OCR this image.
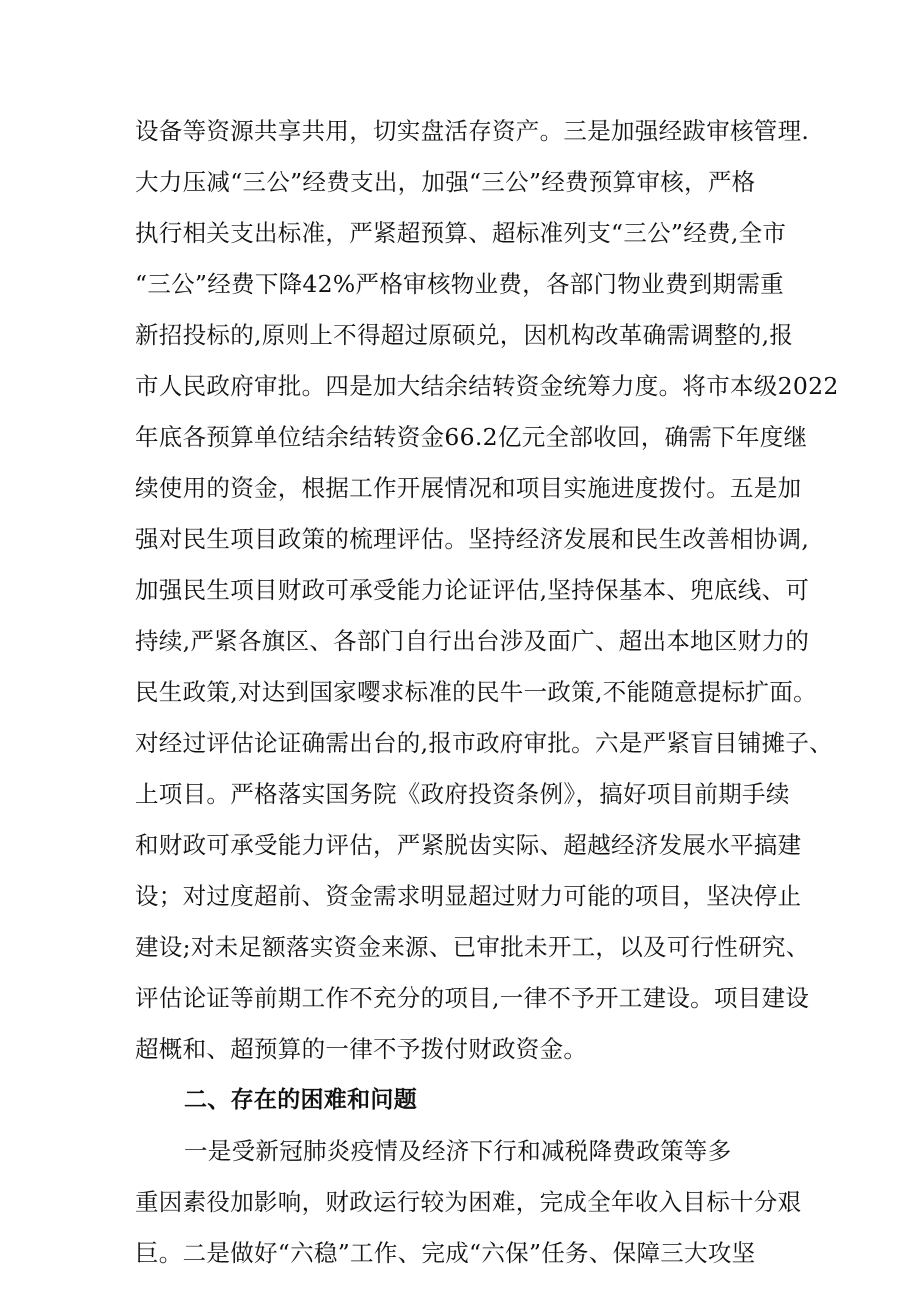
设备等资源共享共用，切实盘活存资产。三是加强经跋审核管理.
大力压减“三公”经费支出，加强“三公”经费预算审核，严格
执行相关支出标准，严紧超预算、超标准列支“三公”经费,全市
“三公”经费下降42%严格审核物业费，各部门物业费到期需重
新招投标的,原则上不得超过原硕兑，因机构改革确需调整的,报
市人民政府审批。四是加大结余结转资金统筹力度。将市本级2022
年底各预算单位结余结转资金66.2亿元全部收回，确需下年度继
续使用的资金，根据工作开展情况和项目实施进度拨付。五是加
强对民生项目政策的梳理评估。坚持经济发展和民生改善相协调,
加强民生项目财政可承受能力论证评估,坚持保基本、兜底线、可
持续,严紧各旗区、各部门自行出台涉及面广、超出本地区财力的
民生政策,对达到国家嘤求标准的民牛一政策,不能随意提标扩面。
对经过评估论证确需出台的,报市政府审批。六是严紧盲目铺摊子、
上项目。严格落实国务院《政府投资条例》，搞好项目前期手续
和财政可承受能力评估，严紧脱齿实际、超越经济发展水平搞建
设；对过度超前、资金需求明显超过财力可能的项目，坚决停止
建设;对未足额落实资金来源、已审批未开工，以及可行性研究、
评估论证等前期工作不充分的项目,一律不予开工建设。项目建设
超概和、超预算的一律不予拨付财政资金。
二、存在的困难和问题
一是受新冠肺炎疫情及经济下行和减税降费政策等多
重因素役加影响，财政运行较为困难，完成全年收入目标十分艰
巨。二是做好“六稳”工作、完成“六保”任务、保障三大攻坚
